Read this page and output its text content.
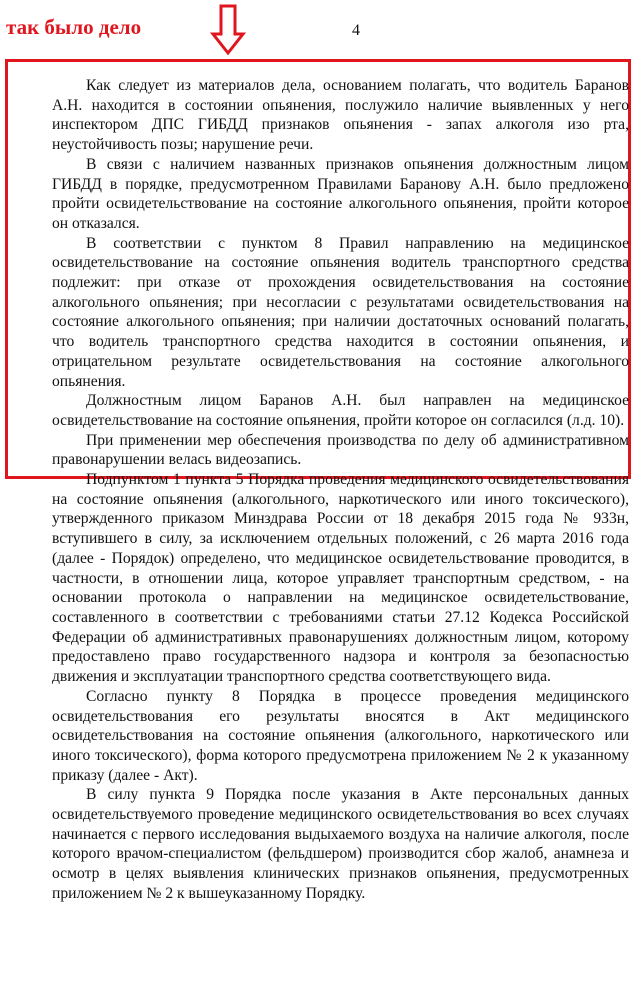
так было дело	4

Как следует из материалов дела, основанием полагать, что водитель Баранов А.Н. находится в состоянии опьянения, послужило наличие выявленных у него инспектором ДПС ГИБДД признаков опьянения - запах алкоголя изо рта, неустойчивость позы; нарушение речи.

В связи с наличием названных признаков опьянения должностным лицом ГИБДД в порядке, предусмотренном Правилами Баранову А.Н. было предложено пройти освидетельствование на состояние алкогольного опьянения, пройти которое он отказался.

В соответствии с пунктом 8 Правил направлению на медицинское освидетельствование на состояние опьянения водитель транспортного средства подлежит: при отказе от прохождения освидетельствования на состояние алкогольного опьянения; при несогласии с результатами освидетельствования на состояние алкогольного опьянения; при наличии достаточных оснований полагать, что водитель транспортного средства находится в состоянии опьянения, и отрицательном результате освидетельствования на состояние алкогольного опьянения.

Должностным лицом Баранов А.Н. был направлен на медицинское освидетельствование на состояние опьянения, пройти которое он согласился (л.д. 10).

При применении мер обеспечения производства по делу об административном правонарушении велась видеозапись.

Подпунктом 1 пункта 5 Порядка проведения медицинского освидетельствования на состояние опьянения (алкогольного, наркотического или иного токсического), утвержденного приказом Минздрава России от 18 декабря 2015 года № 933н, вступившего в силу, за исключением отдельных положений, с 26 марта 2016 года (далее - Порядок) определено, что медицинское освидетельствование проводится, в частности, в отношении лица, которое управляет транспортным средством, - на основании протокола о направлении на медицинское освидетельствование, составленного в соответствии с требованиями статьи 27.12 Кодекса Российской Федерации об административных правонарушениях должностным лицом, которому предоставлено право государственного надзора и контроля за безопасностью движения и эксплуатации транспортного средства соответствующего вида.

Согласно пункту 8 Порядка в процессе проведения медицинского освидетельствования его результаты вносятся в Акт медицинского освидетельствования на состояние опьянения (алкогольного, наркотического или иного токсического), форма которого предусмотрена приложением № 2 к указанному приказу (далее - Акт).

В силу пункта 9 Порядка после указания в Акте персональных данных освидетельствуемого проведение медицинского освидетельствования во всех случаях начинается с первого исследования выдыхаемого воздуха на наличие алкоголя, после которого врачом-специалистом (фельдшером) производится сбор жалоб, анамнеза и осмотр в целях выявления клинических признаков опьянения, предусмотренных приложением № 2 к вышеуказанному Порядку.
